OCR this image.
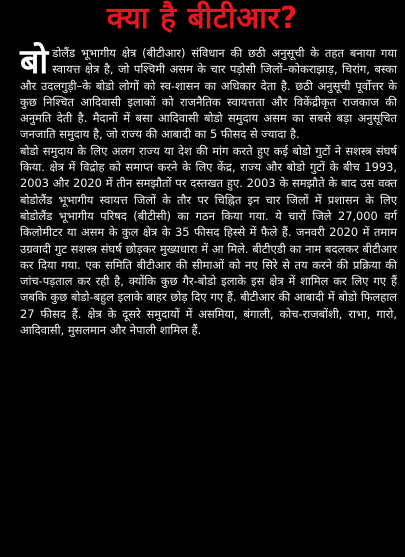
क्या है बीटीआर?

बोडोलैंड भूभागीय क्षेत्र (बीटीआर) संविधान की छठी अनुसूची के तहत बनाया गया स्वायत्त क्षेत्र है, जो पश्चिमी असम के चार पड़ोसी जिलों–कोकराझाड़, चिरांग, बस्का और उदलगुड़ी–के बोडो लोगों को स्व-शासन का अधिकार देता है. छठी अनुसूची पूर्वोत्तर के कुछ निश्चित आदिवासी इलाकों को राजनैतिक स्वायत्तता और विकेंद्रीकृत राजकाज की अनुमति देती है. मैदानों में बसा आदिवासी बोडो समुदाय असम का सबसे बड़ा अनुसूचित जनजाति समुदाय है, जो राज्य की आबादी का 5 फीसद से ज्यादा है.

बोडो समुदाय के लिए अलग राज्य या देश की मांग करते हुए कई बोडो गुटों ने सशस्त्र संघर्ष किया. क्षेत्र में विद्रोह को समाप्त करने के लिए केंद्र, राज्य और बोडो गुटों के बीच 1993, 2003 और 2020 में तीन समझौतों पर दस्तखत हुए. 2003 के समझौते के बाद उस वक्त बोडोलैंड भूभागीय स्वायत्त जिलों के तौर पर चिह्नित इन चार जिलों में प्रशासन के लिए बोडोलैंड भूभागीय परिषद (बीटीसी) का गठन किया गया. ये चारों जिले 27,000 वर्ग किलोमीटर या असम के कुल क्षेत्र के 35 फीसद हिस्से में फैले हैं. जनवरी 2020 में तमाम उग्रवादी गुट सशस्त्र संघर्ष छोड़कर मुख्यधारा में आ मिले. बीटीएडी का नाम बदलकर बीटीआर कर दिया गया. एक समिति बीटीआर की सीमाओं को नए सिरे से तय करने की प्रक्रिया की जांच-पड़ताल कर रही है, क्योंकि कुछ गैर-बोडो इलाके इस क्षेत्र में शामिल कर लिए गए हैं जबकि कुछ बोडो-बहुल इलाके बाहर छोड़ दिए गए हैं. बीटीआर की आबादी में बोडो फिलहाल 27 फीसद हैं. क्षेत्र के दूसरे समुदायों में असमिया, बंगाली, कोच-राजबोंशी, राभा, गारो, आदिवासी, मुसलमान और नेपाली शामिल हैं.
